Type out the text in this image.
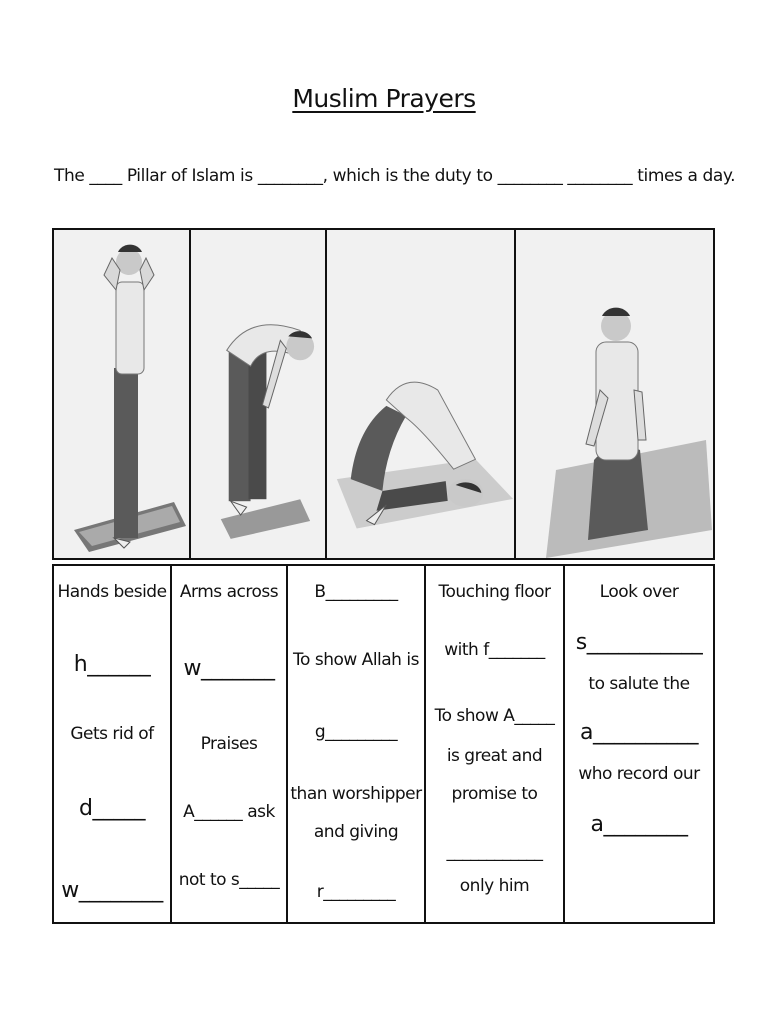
Muslim Prayers
The ____ Pillar of Islam is ________, which is the duty to ________ ________ times a day.
Hands beside
h______
Gets rid of
d_____
w________
Arms across
w_______
Praises
A______ ask
not to s_____
B_________
To show Allah is
g_________
than worshipper
and giving
r_________
Touching floor
with f_______
To show A_____
is great and
promise to
____________
only him
Look over
s___________
to salute the
a__________
who record our
a________
